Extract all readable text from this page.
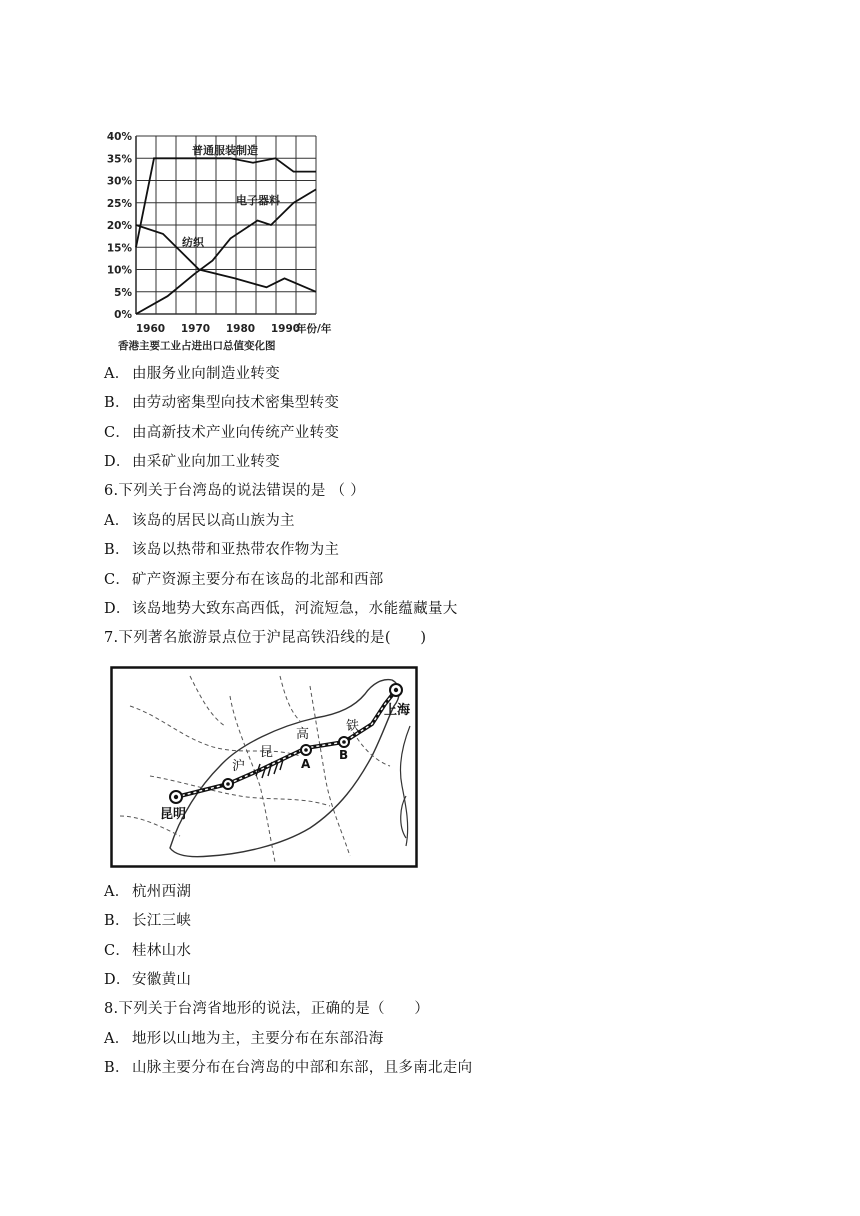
40%
35%
30%
25%
20%
15%
10%
5%
0%
1960 1970 1980 1990
普通服装制造
电子器料
纺织
年份/年
香港主要工业占进出口总值变化图
A． 由服务业向制造业转变
B． 由劳动密集型向技术密集型转变
C． 由高新技术产业向传统产业转变
D．由采矿业向加工业转变
6.下列关于台湾岛的说法错误的是 （ ）
A． 该岛的居民以高山族为主
B． 该岛以热带和亚热带农作物为主
C． 矿产资源主要分布在该岛的北部和西部
D．该岛地势大致东高西低，河流短急，水能蕴藏量大
7.下列著名旅游景点位于沪昆高铁沿线的是(　　)
昆明
上海
沪
昆
高
铁
A
B
A． 杭州西湖
B． 长江三峡
C． 桂林山水
D．安徽黄山
8.下列关于台湾省地形的说法，正确的是（　　）
A． 地形以山地为主，主要分布在东部沿海
B． 山脉主要分布在台湾岛的中部和东部，且多南北走向
